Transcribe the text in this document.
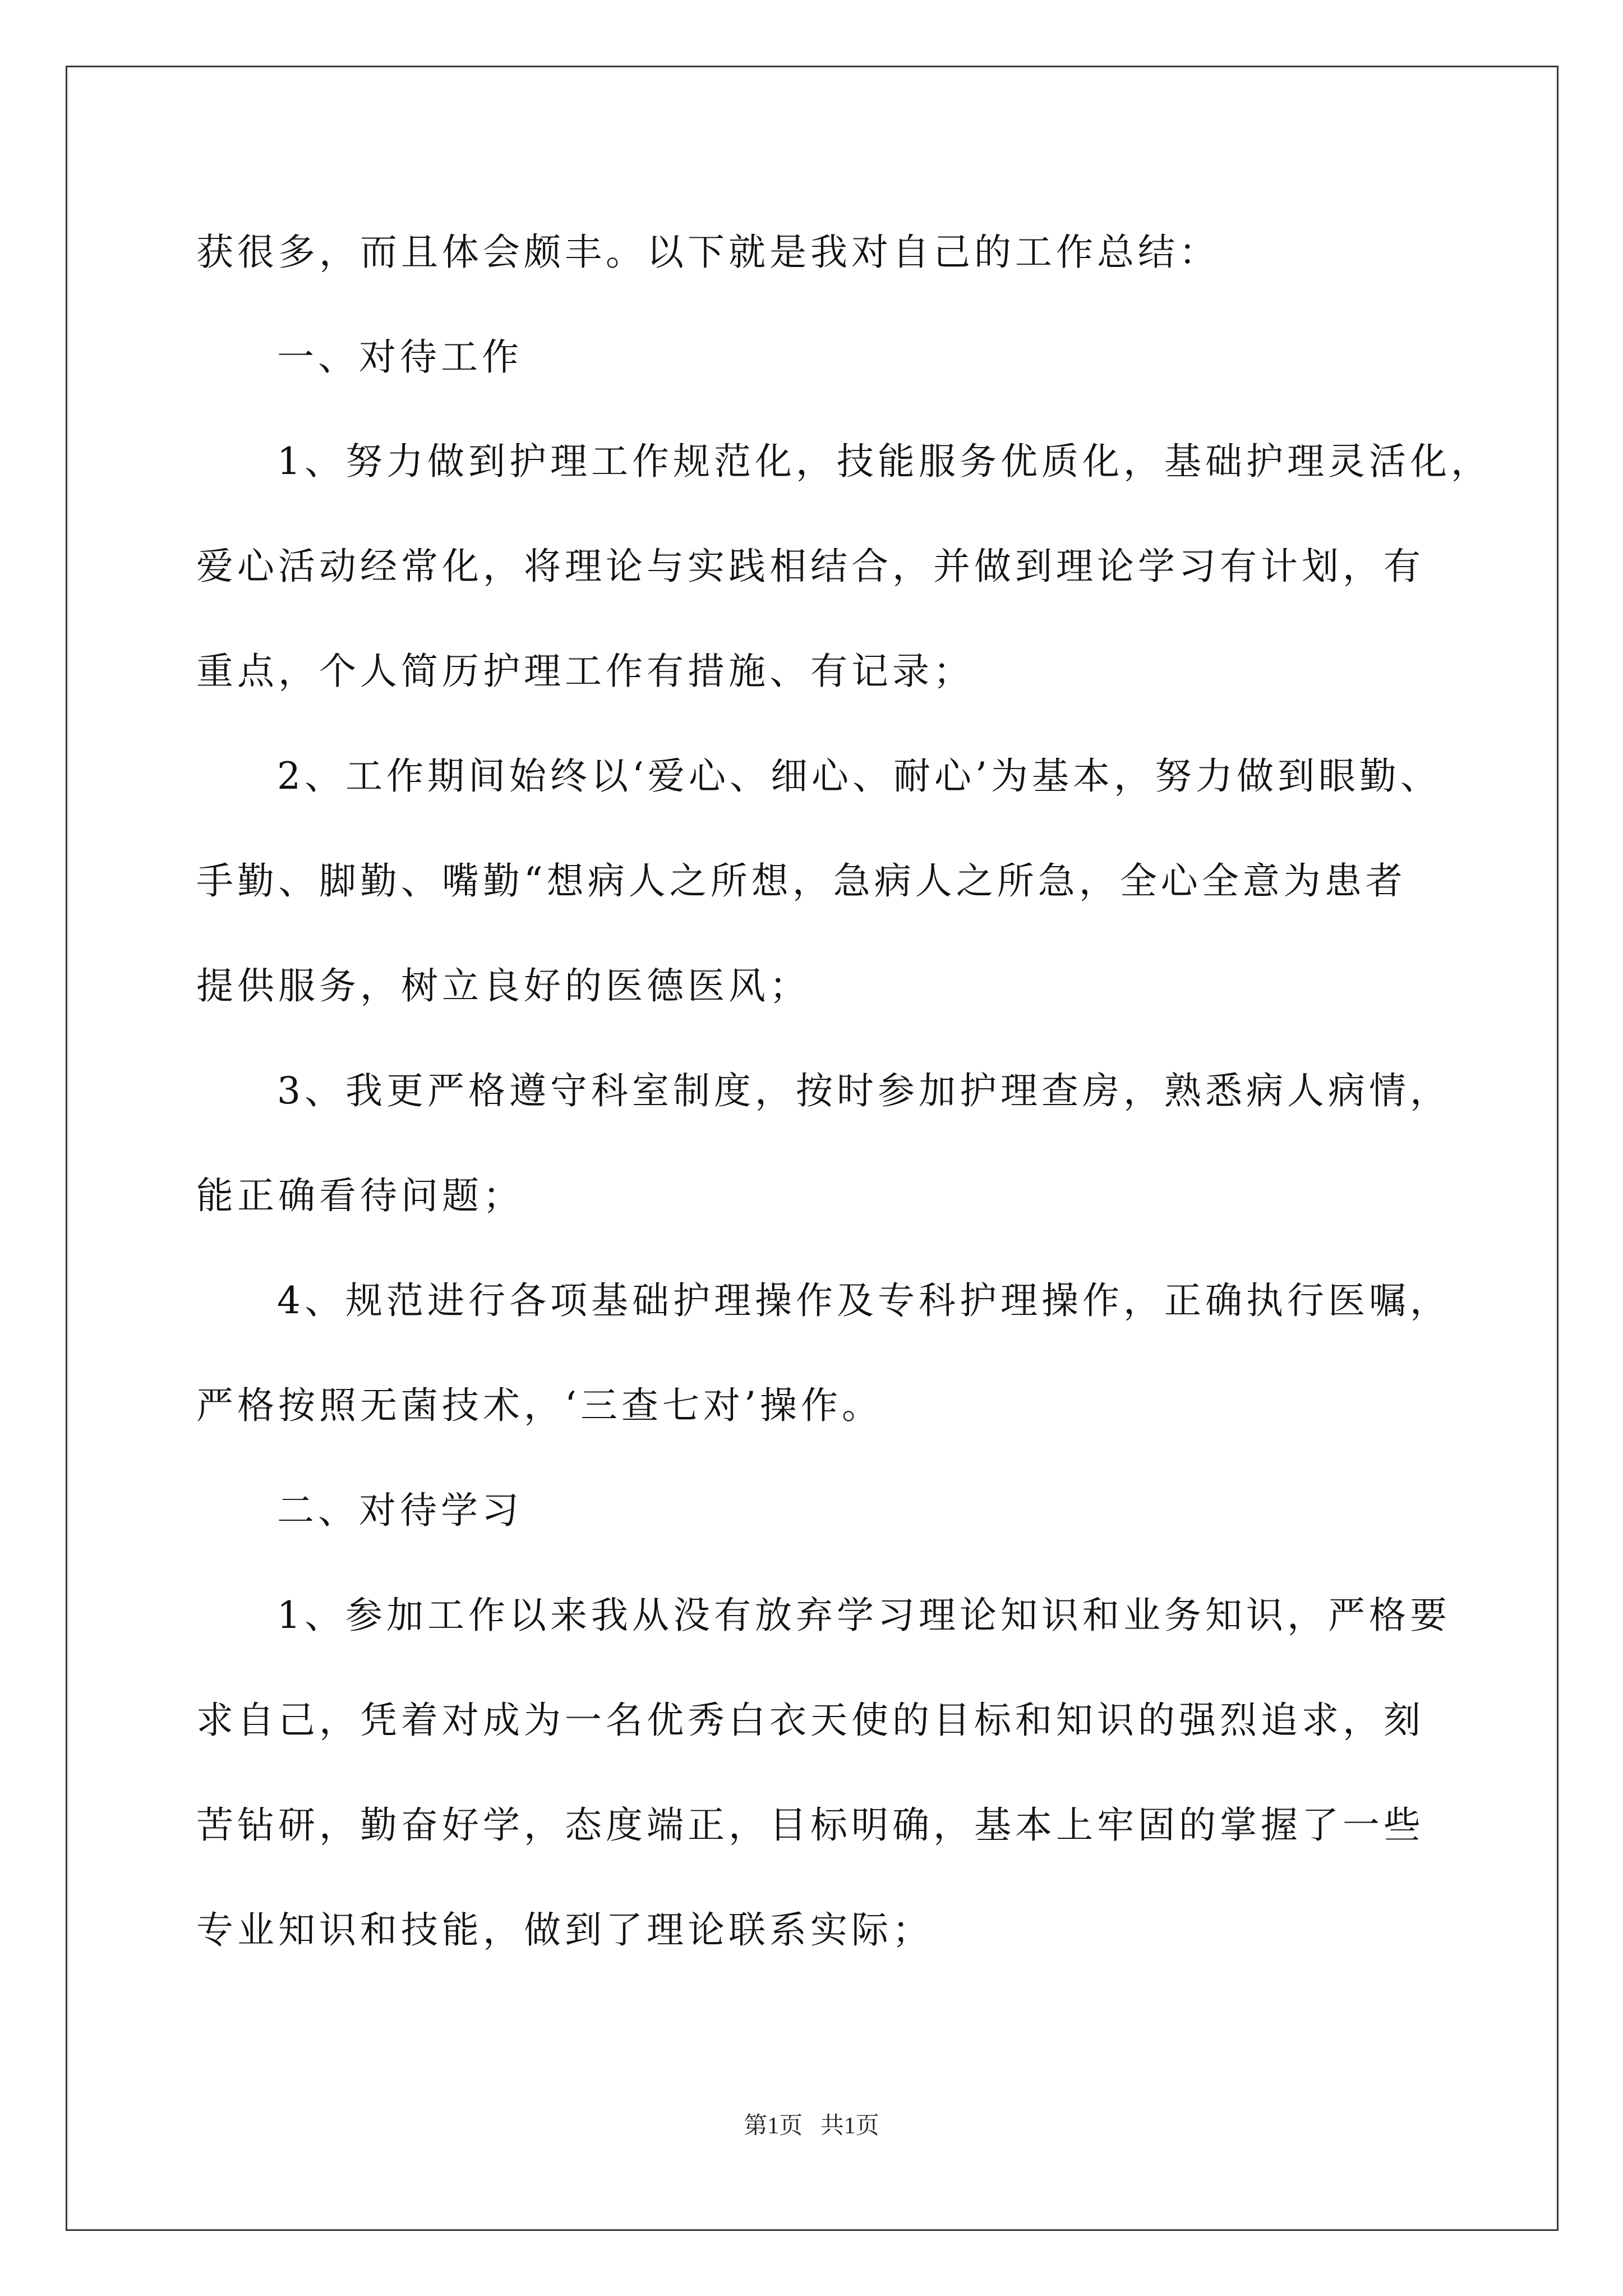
获很多，而且体会颇丰。以下就是我对自己的工作总结：
一、对待工作
1、努力做到护理工作规范化，技能服务优质化，基础护理灵活化，
爱心活动经常化，将理论与实践相结合，并做到理论学习有计划，有
重点，个人简历护理工作有措施、有记录；
2、工作期间始终以‘爱心、细心、耐心’为基本，努力做到眼勤、
手勤、脚勤、嘴勤“想病人之所想，急病人之所急，全心全意为患者
提供服务，树立良好的医德医风；
3、我更严格遵守科室制度，按时参加护理查房，熟悉病人病情，
能正确看待问题；
4、规范进行各项基础护理操作及专科护理操作，正确执行医嘱，
严格按照无菌技术，‘三查七对’操作。
二、对待学习
1、参加工作以来我从没有放弃学习理论知识和业务知识，严格要
求自己，凭着对成为一名优秀白衣天使的目标和知识的强烈追求，刻
苦钻研，勤奋好学，态度端正，目标明确，基本上牢固的掌握了一些
专业知识和技能，做到了理论联系实际；
第1页   共1页
